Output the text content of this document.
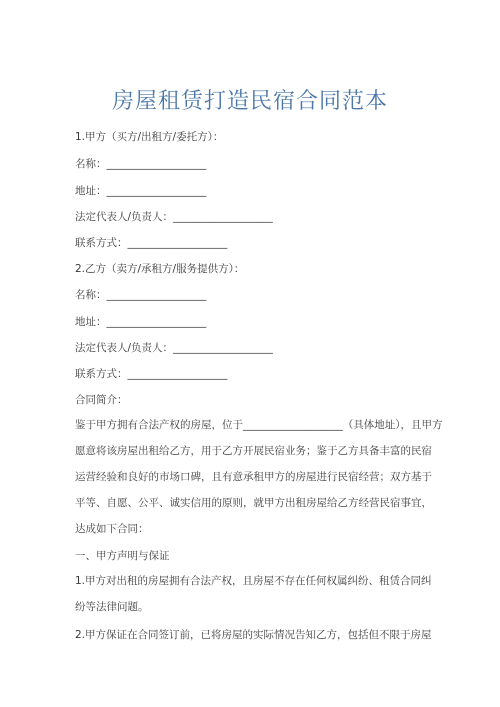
房屋租赁打造民宿合同范本
1.甲方（买方/出租方/委托方）：
名称：___________________
地址：___________________
法定代表人/负责人：___________________
联系方式：___________________
2.乙方（卖方/承租方/服务提供方）：
名称：___________________
地址：___________________
法定代表人/负责人：___________________
联系方式：___________________
合同简介：
鉴于甲方拥有合法产权的房屋，位于___________________（具体地址），且甲方
愿意将该房屋出租给乙方，用于乙方开展民宿业务；鉴于乙方具备丰富的民宿
运营经验和良好的市场口碑，且有意承租甲方的房屋进行民宿经营；双方基于
平等、自愿、公平、诚实信用的原则，就甲方出租房屋给乙方经营民宿事宜，
达成如下合同：
一、甲方声明与保证
1.甲方对出租的房屋拥有合法产权，且房屋不存在任何权属纠纷、租赁合同纠
纷等法律问题。
2.甲方保证在合同签订前，已将房屋的实际情况告知乙方，包括但不限于房屋
